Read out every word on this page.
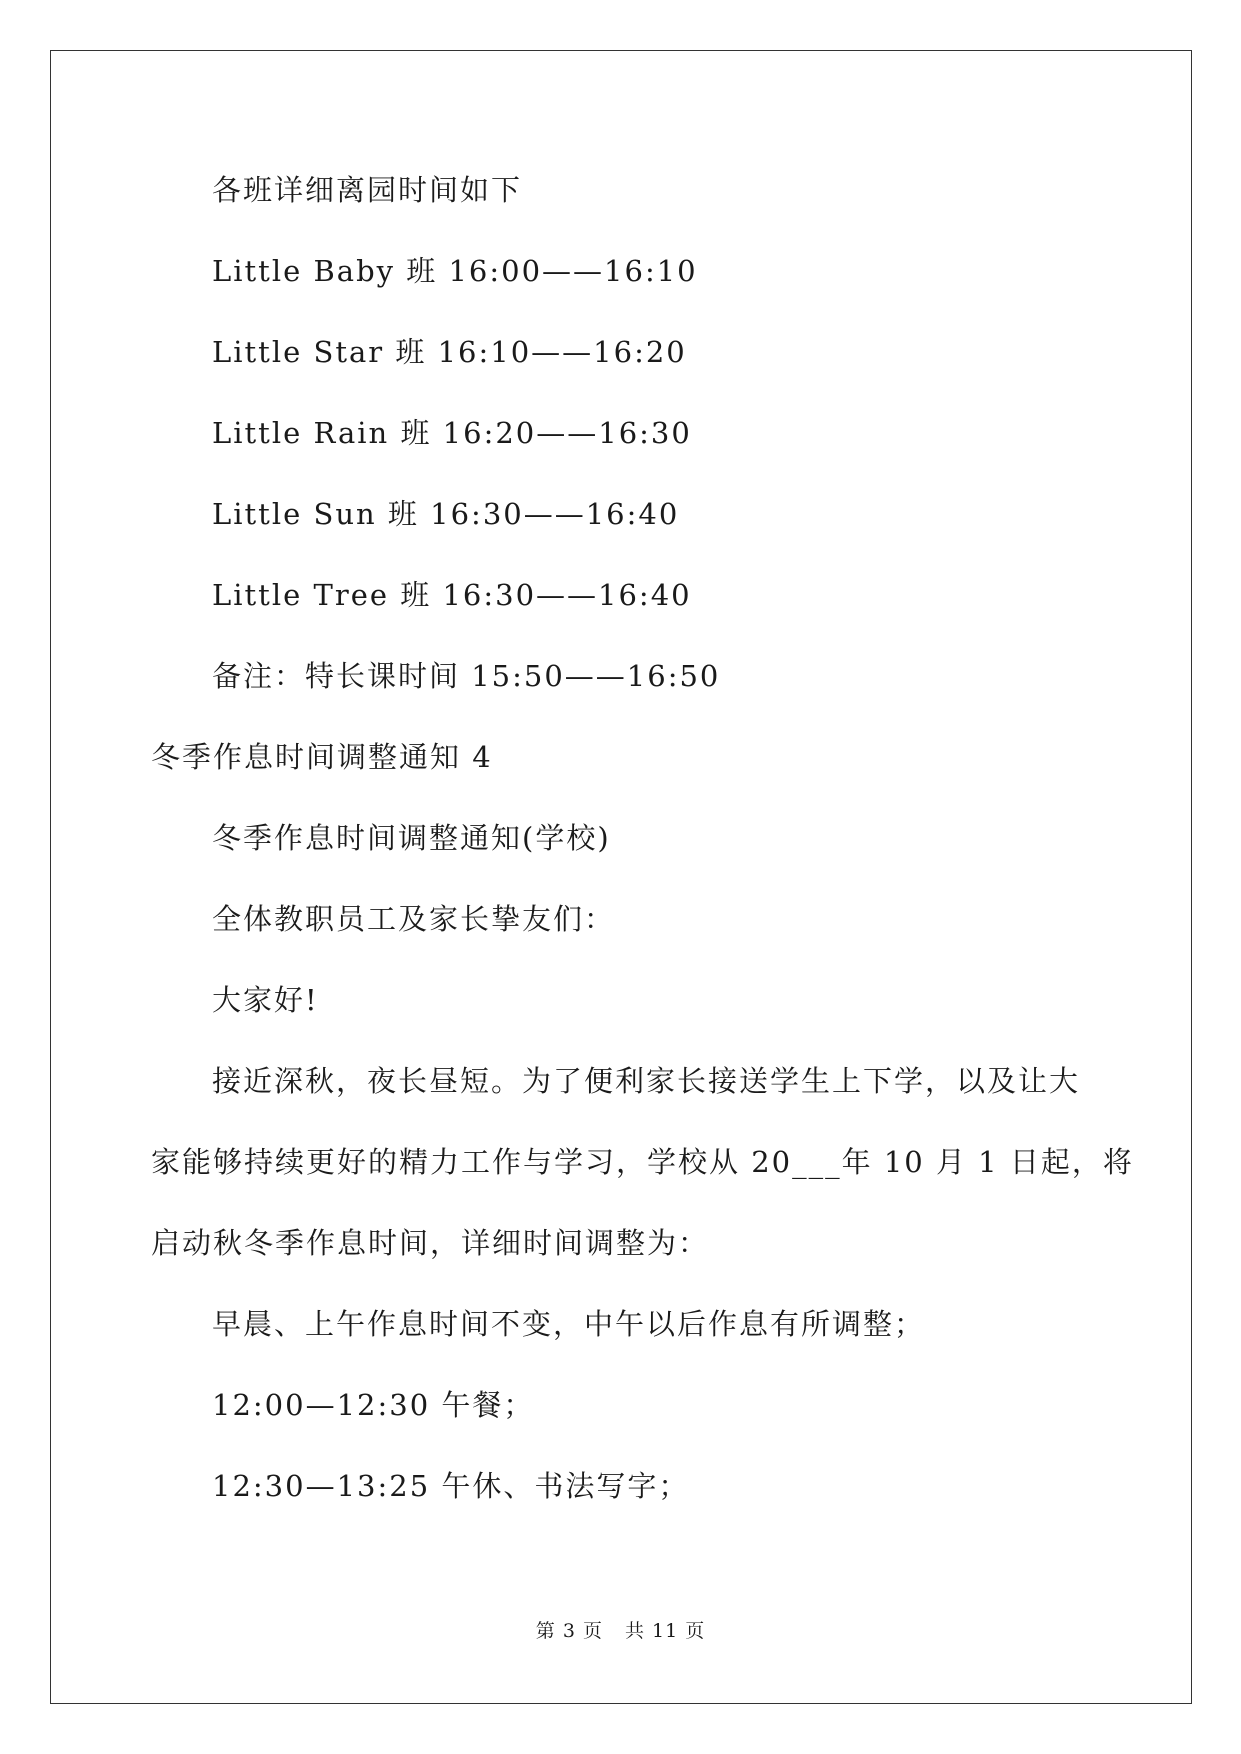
各班详细离园时间如下
Little Baby 班 16:00——16:10
Little Star 班 16:10——16:20
Little Rain 班 16:20——16:30
Little Sun 班 16:30——16:40
Little Tree 班 16:30——16:40
备注：特长课时间 15:50——16:50
冬季作息时间调整通知 4
冬季作息时间调整通知(学校)
全体教职员工及家长挚友们：
大家好!
接近深秋，夜长昼短。为了便利家长接送学生上下学，以及让大
家能够持续更好的精力工作与学习，学校从 20___年 10 月 1 日起，将
启动秋冬季作息时间，详细时间调整为：
早晨、上午作息时间不变，中午以后作息有所调整；
12:00—12:30 午餐；
12:30—13:25 午休、书法写字；
第 3 页 共 11 页
